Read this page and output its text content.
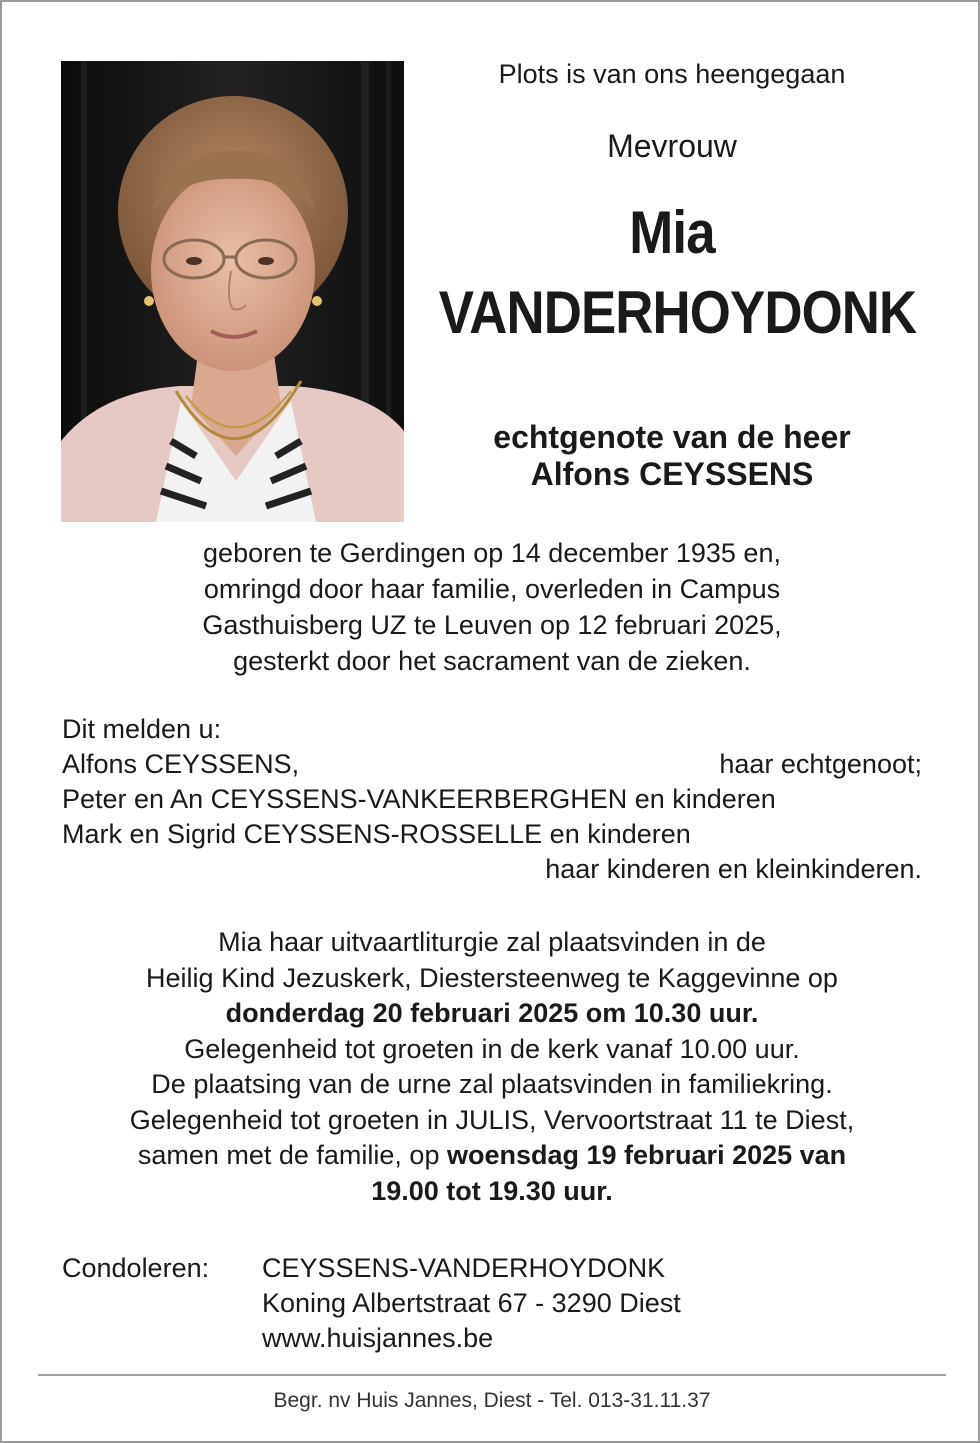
Plots is van ons heengegaan
Mevrouw
Mia
VANDERHOYDONK
echtgenote van de heer
Alfons CEYSSENS
geboren te Gerdingen op 14 december 1935 en,
omringd door haar familie, overleden in Campus
Gasthuisberg UZ te Leuven op 12 februari 2025,
gesterkt door het sacrament van de zieken.
Dit melden u:
Alfons CEYSSENS,	haar echtgenoot;
Peter en An CEYSSENS-VANKEERBERGHEN en kinderen
Mark en Sigrid CEYSSENS-ROSSELLE en kinderen
haar kinderen en kleinkinderen.
Mia haar uitvaartliturgie zal plaatsvinden in de
Heilig Kind Jezuskerk, Diestersteenweg te Kaggevinne op
donderdag 20 februari 2025 om 10.30 uur.
Gelegenheid tot groeten in de kerk vanaf 10.00 uur.
De plaatsing van de urne zal plaatsvinden in familiekring.
Gelegenheid tot groeten in JULIS, Vervoortstraat 11 te Diest,
samen met de familie, op woensdag 19 februari 2025 van
19.00 tot 19.30 uur.
Condoleren:	CEYSSENS-VANDERHOYDONK
Koning Albertstraat 67 - 3290 Diest
www.huisjannes.be
Begr. nv Huis Jannes, Diest - Tel. 013-31.11.37
